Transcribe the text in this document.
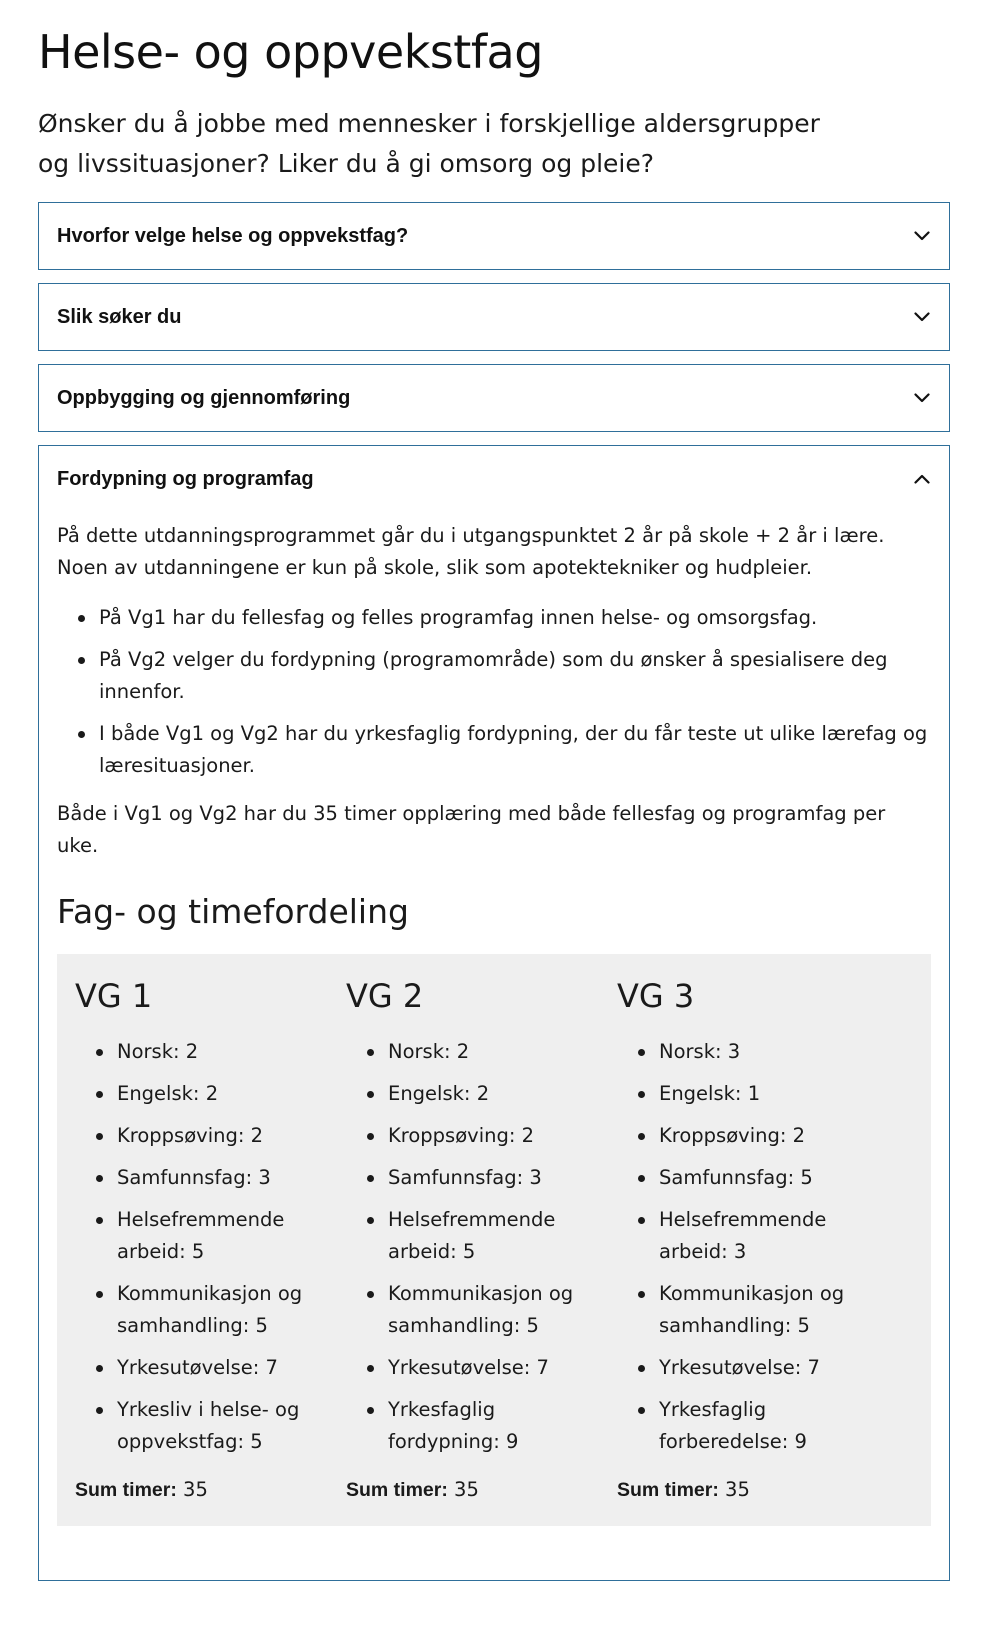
Helse- og oppvekstfag

Ønsker du å jobbe med mennesker i forskjellige aldersgrupper og livssituasjoner? Liker du å gi omsorg og pleie?

Hvorfor velge helse og oppvekstfag?
Slik søker du
Oppbygging og gjennomføring
Fordypning og programfag

På dette utdanningsprogrammet går du i utgangspunktet 2 år på skole + 2 år i lære. Noen av utdanningene er kun på skole, slik som apotektekniker og hudpleier.

På Vg1 har du fellesfag og felles programfag innen helse- og omsorgsfag.
På Vg2 velger du fordypning (programområde) som du ønsker å spesialisere deg innenfor.
I både Vg1 og Vg2 har du yrkesfaglig fordypning, der du får teste ut ulike lærefag og læresituasjoner.

Både i Vg1 og Vg2 har du 35 timer opplæring med både fellesfag og programfag per uke.

Fag- og timefordeling
VG 1
Norsk: 2
Engelsk: 2
Kroppsøving: 2
Samfunnsfag: 3
Helsefremmende arbeid: 5
Kommunikasjon og samhandling: 5
Yrkesutøvelse: 7
Yrkesliv i helse- og oppvekstfag: 5
Sum timer: 35
VG 2
Norsk: 2
Engelsk: 2
Kroppsøving: 2
Samfunnsfag: 3
Helsefremmende arbeid: 5
Kommunikasjon og samhandling: 5
Yrkesutøvelse: 7
Yrkesfaglig fordypning: 9
Sum timer: 35
VG 3
Norsk: 3
Engelsk: 1
Kroppsøving: 2
Samfunnsfag: 5
Helsefremmende arbeid: 3
Kommunikasjon og samhandling: 5
Yrkesutøvelse: 7
Yrkesfaglig forberedelse: 9
Sum timer: 35
